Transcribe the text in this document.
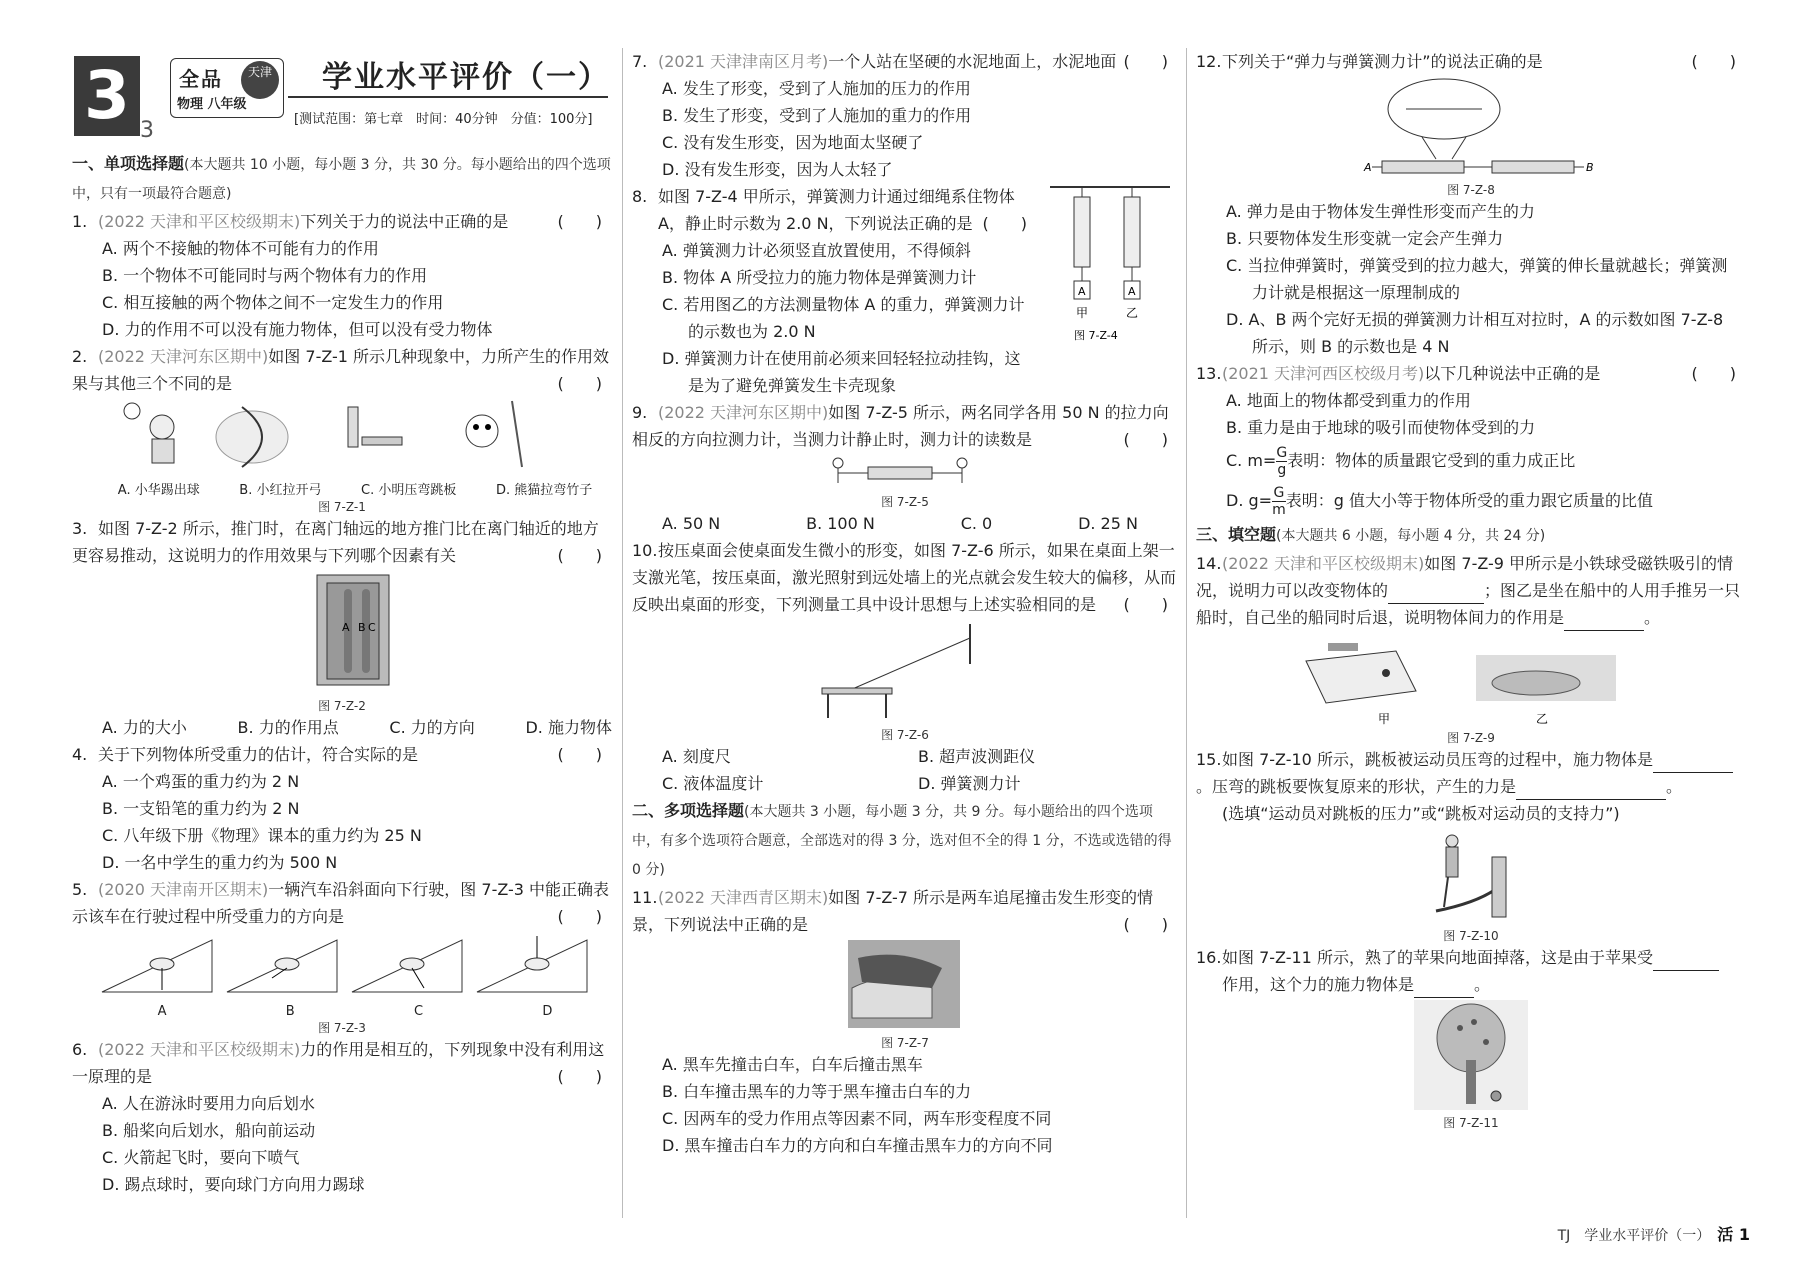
3 3
全品
物理 八年级
天津 学业水平评价（一）
[测试范围：第七章　时间：40分钟　分值：100分]

一、单项选择题(本大题共 10 小题，每小题 3 分，共 30 分。每小题给出的四个选项中，只有一项最符合题意)

1. (2022 天津和平区校级期末)下列关于力的说法中正确的是	(　　)

A. 两个不接触的物体不可能有力的作用
B. 一个物体不可能同时与两个物体有力的作用
C. 相互接触的两个物体之间不一定发生力的作用
D. 力的作用不可以没有施力物体，但可以没有受力物体

2. (2022 天津河东区期中)如图 7-Z-1 所示几种现象中，力所产生的作用效果与其他三个不同的是	(　　)

A. 小华踢出球	B. 小红拉开弓	C. 小明压弯跳板	D. 熊猫拉弯竹子
图 7-Z-1

3. 如图 7-Z-2 所示，推门时，在离门轴远的地方推门比在离门轴近的地方更容易推动，这说明力的作用效果与下列哪个因素有关	(　　)

A B C
图 7-Z-2
A. 力的大小	B. 力的作用点	C. 力的方向	D. 施力物体

4. 关于下列物体所受重力的估计，符合实际的是	(　　)

A. 一个鸡蛋的重力约为 2 N
B. 一支铅笔的重力约为 2 N
C. 八年级下册《物理》课本的重力约为 25 N
D. 一名中学生的重力约为 500 N

5. (2020 天津南开区期末)一辆汽车沿斜面向下行驶，图 7-Z-3 中能正确表示该车在行驶过程中所受重力的方向是	(　　)

A	B	C	D
图 7-Z-3

6. (2022 天津和平区校级期末)力的作用是相互的，下列现象中没有利用这一原理的是	(　　)

A. 人在游泳时要用力向后划水
B. 船桨向后划水，船向前运动
C. 火箭起飞时，要向下喷气
D. 踢点球时，要向球门方向用力踢球

7. (2021 天津津南区月考)一个人站在坚硬的水泥地面上，水泥地面 (　　)

A. 发生了形变，受到了人施加的压力的作用
B. 发生了形变，受到了人施加的重力的作用
C. 没有发生形变，因为地面太坚硬了
D. 没有发生形变，因为人太轻了
A	A
甲	乙
图 7-Z-4

8. 如图 7-Z-4 甲所示，弹簧测力计通过细绳系住物体

A，静止时示数为 2.0 N，下列说法正确的是 (　　)

A. 弹簧测力计必须竖直放置使用，不得倾斜
B. 物体 A 所受拉力的施力物体是弹簧测力计
C. 若用图乙的方法测量物体 A 的重力，弹簧测力计
的示数也为 2.0 N
D. 弹簧测力计在使用前必须来回轻轻拉动挂钩，这
是为了避免弹簧发生卡壳现象

9. (2022 天津河东区期中)如图 7-Z-5 所示，两名同学各用 50 N 的拉力向相反的方向拉测力计，当测力计静止时，测力计的读数是	(　　)

图 7-Z-5
A. 50 N	B. 100 N	C. 0	D. 25 N

10.按压桌面会使桌面发生微小的形变，如图 7-Z-6 所示，如果在桌面上架一支激光笔，按压桌面，激光照射到远处墙上的光点就会发生较大的偏移，从而反映出桌面的形变，下列测量工具中设计思想与上述实验相同的是 (　　)

图 7-Z-6
A. 刻度尺	B. 超声波测距仪
C. 液体温度计	D. 弹簧测力计

二、多项选择题(本大题共 3 小题，每小题 3 分，共 9 分。每小题给出的四个选项中，有多个选项符合题意，全部选对的得 3 分，选对但不全的得 1 分，不选或选错的得 0 分)

11.(2022 天津西青区期末)如图 7-Z-7 所示是两车追尾撞击发生形变的情景，下列说法中正确的是	(　　)

图 7-Z-7
A. 黑车先撞击白车，白车后撞击黑车
B. 白车撞击黑车的力等于黑车撞击白车的力
C. 因两车的受力作用点等因素不同，两车形变程度不同
D. 黑车撞击白车力的方向和白车撞击黑车力的方向不同

12.下列关于“弹力与弹簧测力计”的说法正确的是	(　　)

A	B
图 7-Z-8
A. 弹力是由于物体发生弹性形变而产生的力
B. 只要物体发生形变就一定会产生弹力
C. 当拉伸弹簧时，弹簧受到的拉力越大，弹簧的伸长量就越长；弹簧测
力计就是根据这一原理制成的
D. A、B 两个完好无损的弹簧测力计相互对拉时，A 的示数如图 7-Z-8
所示，则 B 的示数也是 4 N

13.(2021 天津河西区校级月考)以下几种说法中正确的是	(　　)

A. 地面上的物体都受到重力的作用
B. 重力是由于地球的吸引而使物体受到的力
C. $m= \frac{G}{g}$ 表明：物体的质量跟它受到的重力成正比
D. $g= \frac{G}{m}$ 表明：g 值大小等于物体所受的重力跟它质量的比值

三、填空题(本大题共 6 小题，每小题 4 分，共 24 分)

14.(2022 天津和平区校级期末)如图 7-Z-9 甲所示是小铁球受磁铁吸引的情况，说明力可以改变物体的	；图乙是坐在船中的人用手推另一只船时，自己坐的船同时后退，说明物体间力的作用是	。

甲	乙
图 7-Z-9

15.如图 7-Z-10 所示，跳板被运动员压弯的过程中，施力物体是。压弯的跳板要恢复原来的形状，产生的力是	。

(选填“运动员对跳板的压力”或“跳板对运动员的支持力”)

图 7-Z-10

16.如图 7-Z-11 所示，熟了的苹果向地面掉落，这是由于苹果受

作用，这个力的施力物体是	。

图 7-Z-11
TJ　学业水平评价（一）　 活 1
